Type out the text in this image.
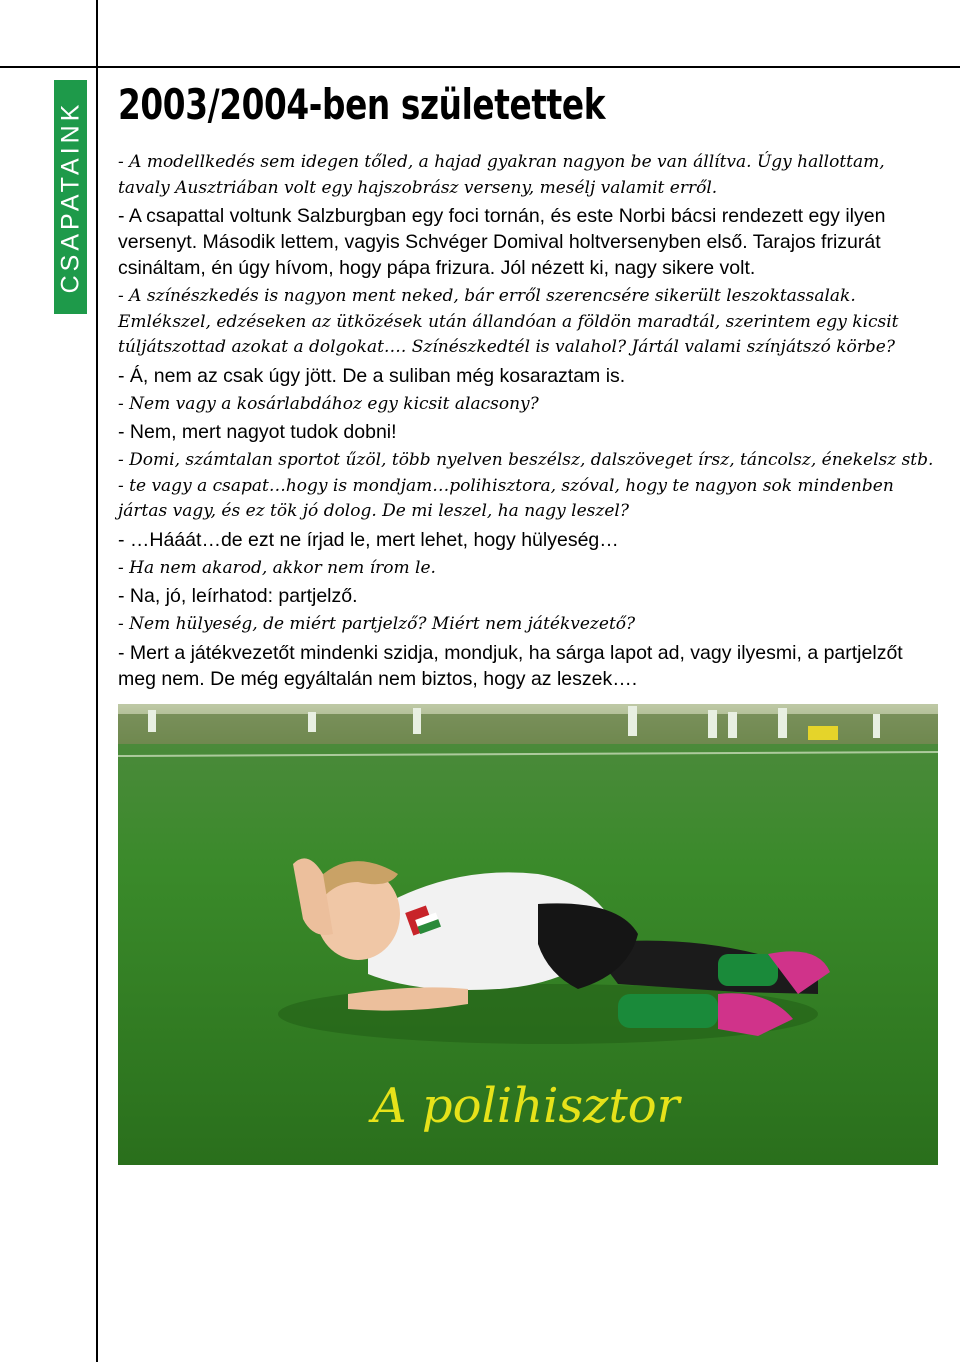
CSAPATAINK 2003/2004-ben születettek

- A modellkedés sem idegen tőled, a hajad gyakran nagyon be van állítva. Úgy hallottam, tavaly Ausztriában volt egy hajszobrász verseny, mesélj valamit erről.

- A csapattal voltunk Salzburgban egy foci tornán, és este Norbi bácsi rendezett egy ilyen versenyt. Második lettem, vagyis Schvéger Domival holtversenyben első. Tarajos frizurát csináltam, én úgy hívom, hogy pápa frizura. Jól nézett ki, nagy sikere volt.

- A színészkedés is nagyon ment neked, bár erről szerencsére sikerült leszoktassalak. Emlékszel, edzéseken az ütközések után állandóan a földön maradtál, szerintem egy kicsit túljátszottad azokat a dolgokat…. Színészkedtél is valahol? Jártál valami színjátszó körbe?

- Á, nem az csak úgy jött. De a suliban még kosaraztam is.

- Nem vagy a kosárlabdához egy kicsit alacsony?

- Nem, mert nagyot tudok dobni!

- Domi, számtalan sportot űzöl, több nyelven beszélsz, dalszöveget írsz, táncolsz, énekelsz stb. - te vagy a csapat…hogy is mondjam…polihisztora, szóval, hogy te nagyon sok mindenben jártas vagy, és ez tök jó dolog. De mi leszel, ha nagy leszel?

- …Hááát…de ezt ne írjad le, mert lehet, hogy hülyeség…

- Ha nem akarod, akkor nem írom le.

- Na, jó, leírhatod: partjelző.

- Nem hülyeség, de miért partjelző? Miért nem játékvezető?

- Mert a játékvezetőt mindenki szidja, mondjuk, ha sárga lapot ad, vagy ilyesmi, a partjelzőt meg nem. De még egyáltalán nem biztos, hogy az leszek….

A polihisztor
